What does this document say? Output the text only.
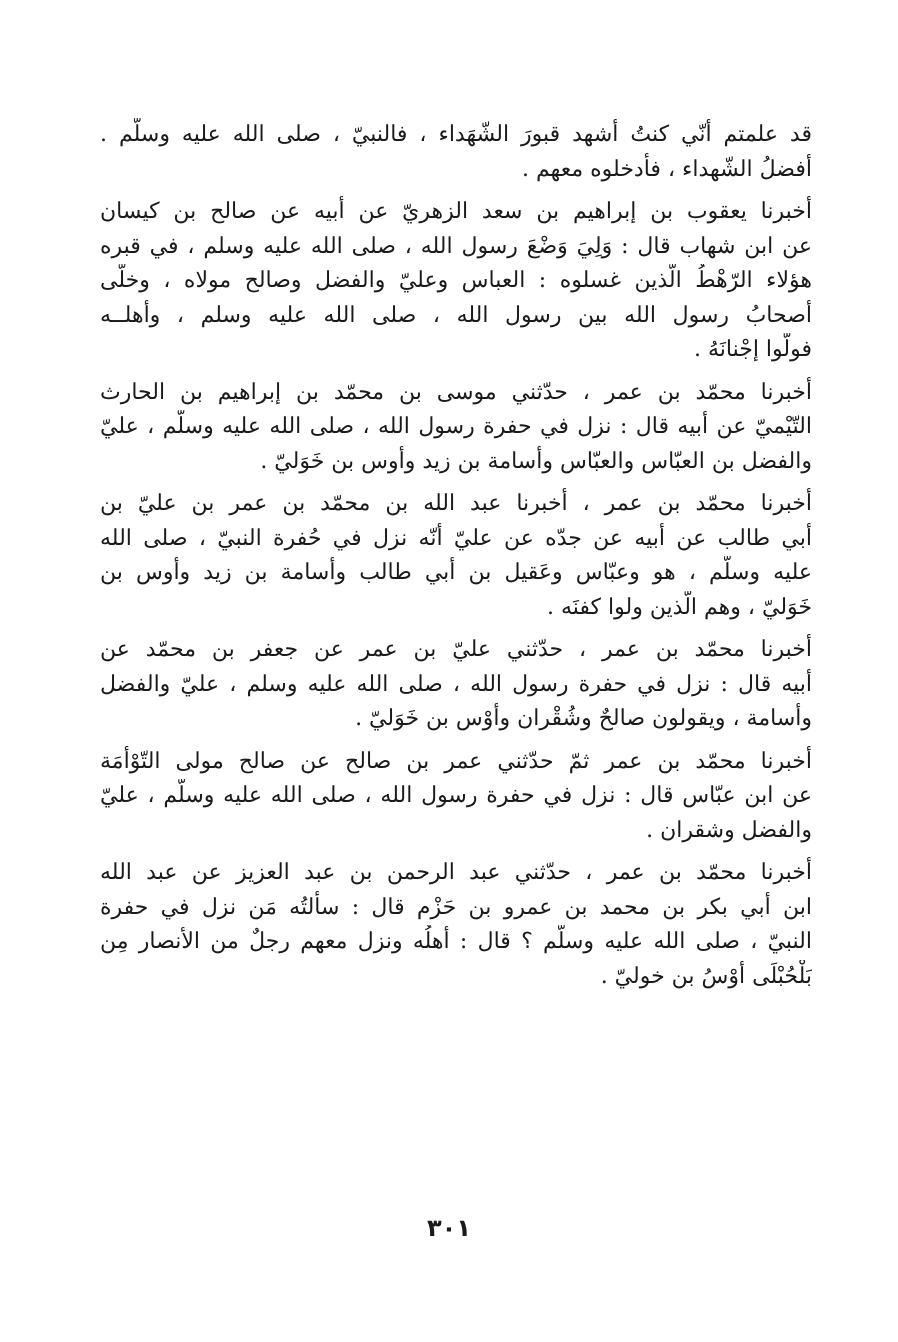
قد علمتم أنّي كنتُ أشهد قبورَ الشّهَداء ، فالنبيّ ، صلى الله عليه وسلّم .
أفضلُ الشّهداء ، فأدخلوه معهم .
أخبرنا يعقوب بن إبراهيم بن سعد الزهريّ عن أبيه عن صالح بن كيسان
عن ابن شهاب قال : وَلِيَ وَضْعَ رسول الله ، صلى الله عليه وسلم ، في قبره
هؤلاء الرّهْطُ الّذين غسلوه : العباس وعليّ والفضل وصالح مولاه ، وخلّى
أصحابُ رسول الله بين رسول الله ، صلى الله عليه وسلم ، وأهلــه
فولّوا إجْنانَهُ .
أخبرنا محمّد بن عمر ، حدّثني موسى بن محمّد بن إبراهيم بن الحارث
التّيْميّ عن أبيه قال : نزل في حفرة رسول الله ، صلى الله عليه وسلّم ، عليّ
والفضل بن العبّاس والعبّاس وأسامة بن زيد وأوس بن خَوَليّ .
أخبرنا محمّد بن عمر ، أخبرنا عبد الله بن محمّد بن عمر بن عليّ بن
أبي طالب عن أبيه عن جدّه عن عليّ أنّه نزل في حُفرة النبيّ ، صلى الله
عليه وسلّم ، هو وعبّاس وعَقيل بن أبي طالب وأسامة بن زيد وأوس بن
خَوَليّ ، وهم الّذين ولوا كفنَه .
أخبرنا محمّد بن عمر ، حدّثني عليّ بن عمر عن جعفر بن محمّد عن
أبيه قال : نزل في حفرة رسول الله ، صلى الله عليه وسلم ، عليّ والفضل
وأسامة ، ويقولون صالحٌ وشُقْران وأوْس بن خَوَليّ .
أخبرنا محمّد بن عمر ثمّ حدّثني عمر بن صالح عن صالح مولى التّوْأمَة
عن ابن عبّاس قال : نزل في حفرة رسول الله ، صلى الله عليه وسلّم ، عليّ
والفضل وشقران .
أخبرنا محمّد بن عمر ، حدّثني عبد الرحمن بن عبد العزيز عن عبد الله
ابن أبي بكر بن محمد بن عمرو بن حَزْم قال : سألتُه مَن نزل في حفرة
النبيّ ، صلى الله عليه وسلّم ؟ قال : أهلُه ونزل معهم رجلٌ من الأنصار مِن
بَلْحُبْلَى أوْسُ بن خوليّ .
٣٠١
